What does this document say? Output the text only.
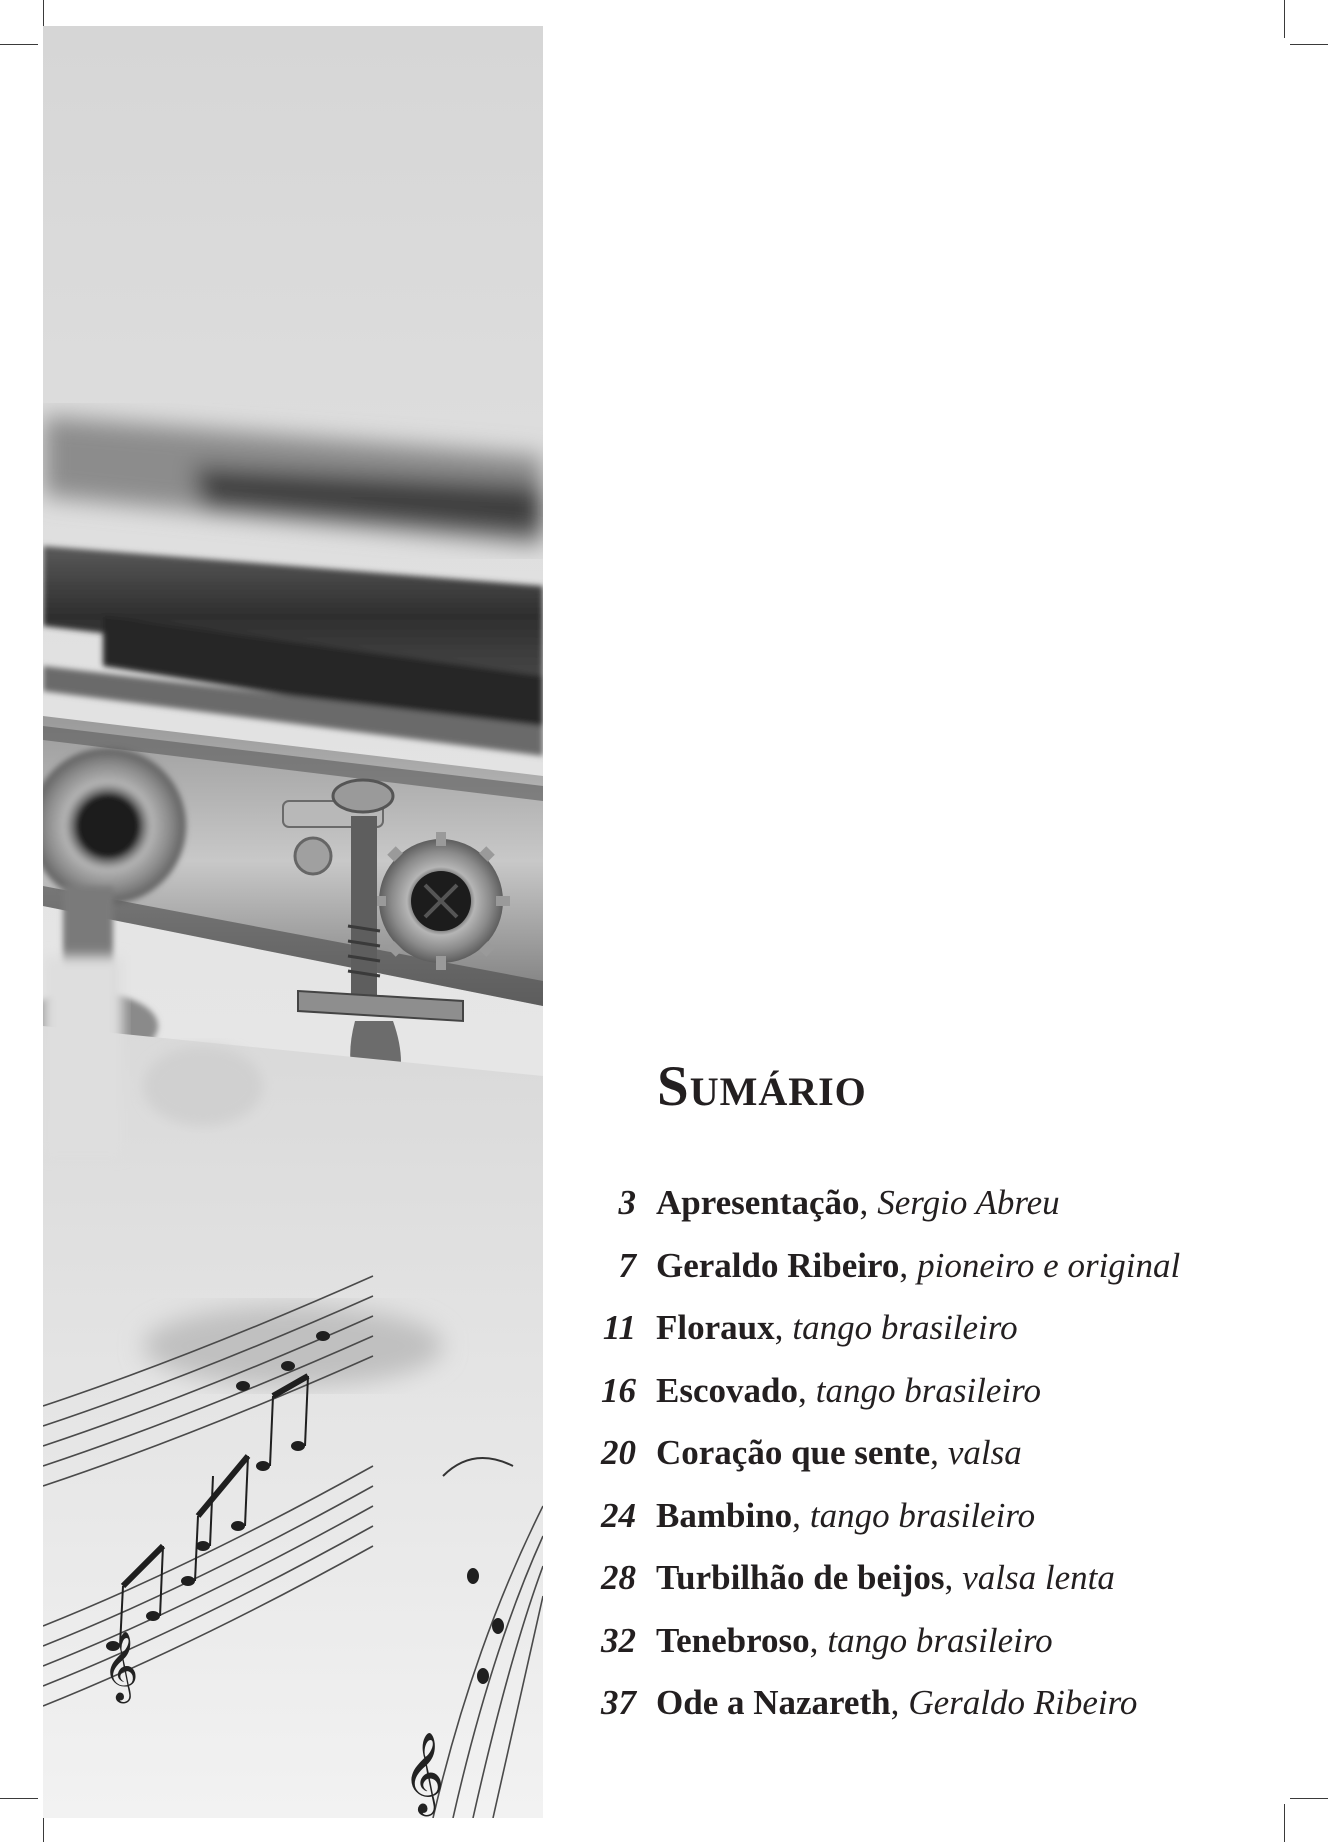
𝄞
𝄞
Sumário
3 Apresentação , Sergio Abreu
7 Geraldo Ribeiro , pioneiro e original
11 Floraux , tango brasileiro
16 Escovado , tango brasileiro
20 Coração que sente , valsa
24 Bambino , tango brasileiro
28 Turbilhão de beijos , valsa lenta
32 Tenebroso , tango brasileiro
37 Ode a Nazareth , Geraldo Ribeiro
